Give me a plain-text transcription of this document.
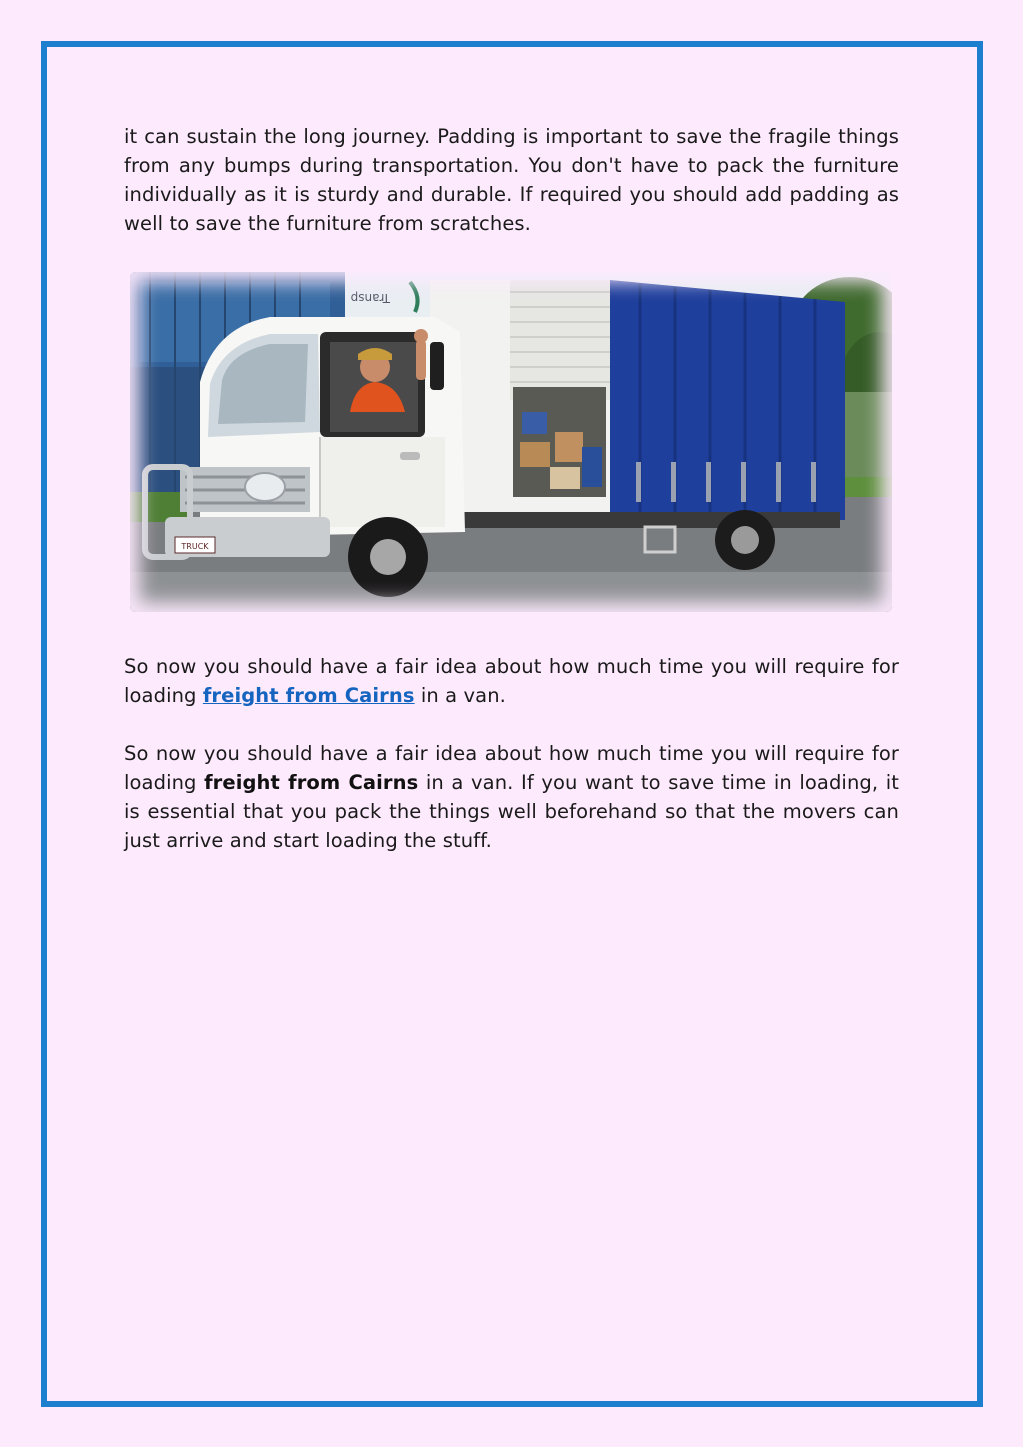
it can sustain the long journey. Padding is important to save the fragile things from any bumps during transportation. You don't have to pack the furniture individually as it is sturdy and durable. If required you should add padding as well to save the furniture from scratches.

TRUCK
Transp

So now you should have a fair idea about how much time you will require for loading freight from Cairns in a van.

So now you should have a fair idea about how much time you will require for loading freight from Cairns in a van. If you want to save time in loading, it is essential that you pack the things well beforehand so that the movers can just arrive and start loading the stuff.
